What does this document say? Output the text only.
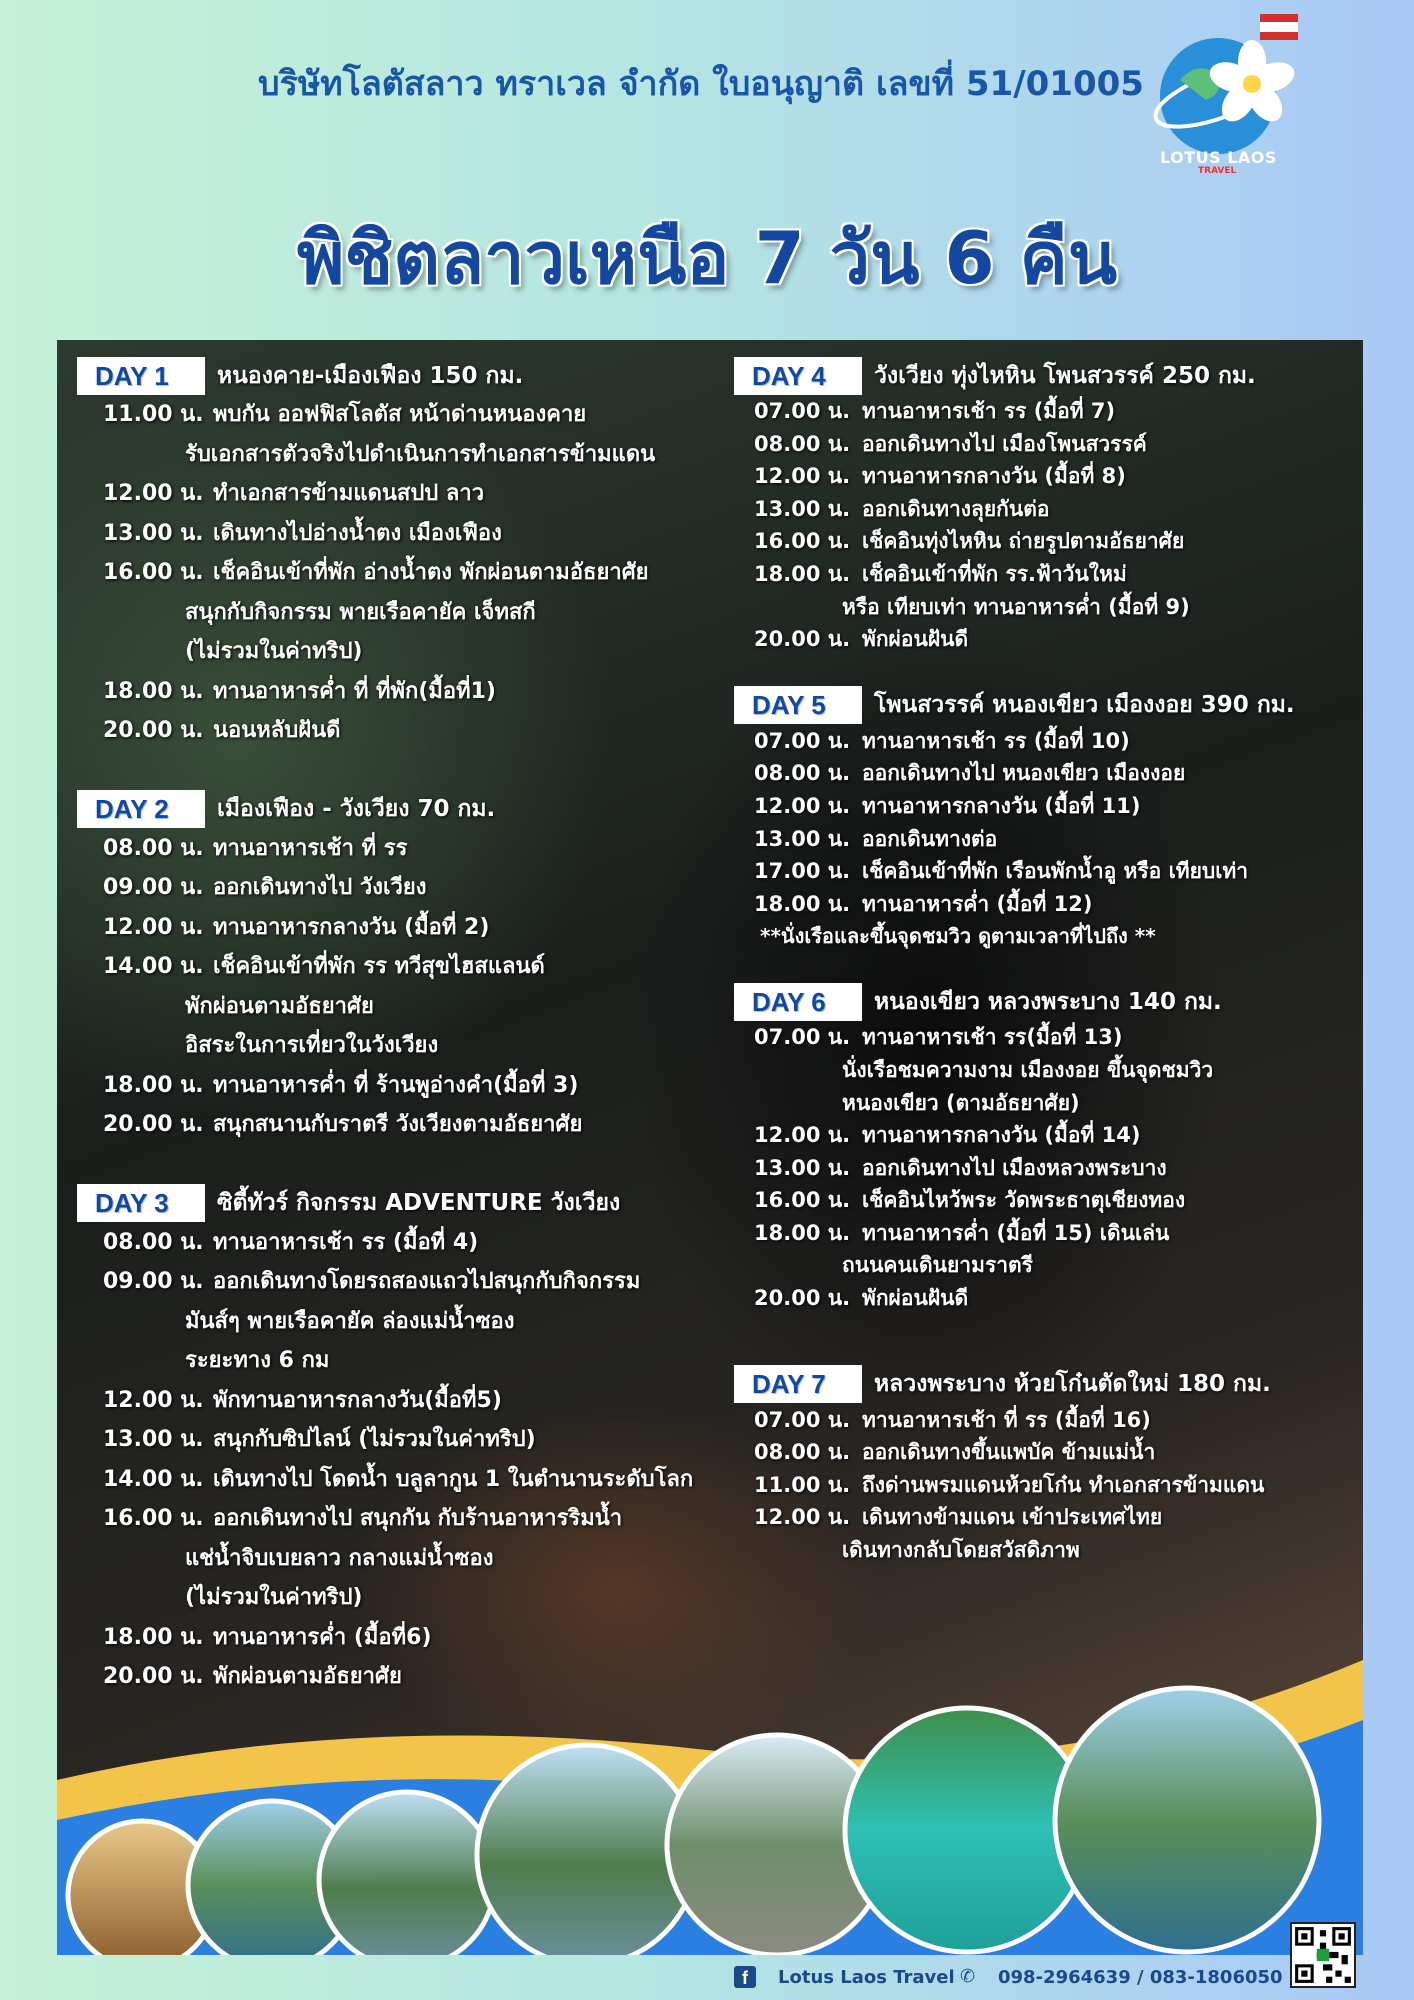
บริษัทโลตัสลาว ทราเวล จำกัด ใบอนุญาติ เลขที่ 51/01005
LOTUS LAOS
TRAVEL
พิชิตลาวเหนือ 7 วัน 6 คืน
DAY 1	หนองคาย-เมืองเฟือง 150 กม.
11.00 น. พบกัน ออฟฟิสโลตัส หน้าด่านหนองคาย
รับเอกสารตัวจริงไปดำเนินการทำเอกสารข้ามแดน
12.00 น. ทำเอกสารข้ามแดนสปป ลาว
13.00 น. เดินทางไปอ่างน้ำตง เมืองเฟือง
16.00 น. เช็คอินเข้าที่พัก อ่างน้ำตง พักผ่อนตามอัธยาศัย
สนุกกับกิจกรรม พายเรือคายัค เจ็ทสกี
(ไม่รวมในค่าทริป)
18.00 น. ทานอาหารค่ำ ที่ ที่พัก(มื้อที่1)
20.00 น. นอนหลับฝันดี
DAY 2	เมืองเฟือง - วังเวียง 70 กม.
08.00 น. ทานอาหารเช้า ที่ รร
09.00 น. ออกเดินทางไป วังเวียง
12.00 น. ทานอาหารกลางวัน (มื้อที่ 2)
14.00 น. เช็คอินเข้าที่พัก รร ทวีสุขไฮสแลนด์
พักผ่อนตามอัธยาศัย
อิสระในการเที่ยวในวังเวียง
18.00 น. ทานอาหารค่ำ ที่ ร้านพูอ่างคำ(มื้อที่ 3)
20.00 น. สนุกสนานกับราตรี วังเวียงตามอัธยาศัย
DAY 3	ซิตี้ทัวร์ กิจกรรม ADVENTURE วังเวียง
08.00 น. ทานอาหารเช้า รร (มื้อที่ 4)
09.00 น. ออกเดินทางโดยรถสองแถวไปสนุกกับกิจกรรม
มันส์ๆ พายเรือคายัค ล่องแม่น้ำซอง
ระยะทาง 6 กม
12.00 น. พักทานอาหารกลางวัน(มื้อที่5)
13.00 น. สนุกกับซิปไลน์ (ไม่รวมในค่าทริป)
14.00 น. เดินทางไป โดดน้ำ บลูลากูน 1 ในตำนานระดับโลก
16.00 น. ออกเดินทางไป สนุกกัน กับร้านอาหารริมน้ำ
แช่น้ำจิบเบยลาว กลางแม่น้ำซอง
(ไม่รวมในค่าทริป)
18.00 น. ทานอาหารค่ำ (มื้อที่6)
20.00 น. พักผ่อนตามอัธยาศัย
DAY 4	วังเวียง ทุ่งไหหิน โพนสวรรค์ 250 กม.
07.00 น. ทานอาหารเช้า รร (มื้อที่ 7)
08.00 น. ออกเดินทางไป เมืองโพนสวรรค์
12.00 น. ทานอาหารกลางวัน (มื้อที่ 8)
13.00 น. ออกเดินทางลุยกันต่อ
16.00 น. เช็คอินทุ่งไหหิน ถ่ายรูปตามอัธยาศัย
18.00 น. เช็คอินเข้าที่พัก รร.ฟ้าวันใหม่
หรือ เทียบเท่า ทานอาหารค่ำ (มื้อที่ 9)
20.00 น. พักผ่อนฝันดี
DAY 5	โพนสวรรค์ หนองเขียว เมืองงอย 390 กม.
07.00 น. ทานอาหารเช้า รร (มื้อที่ 10)
08.00 น. ออกเดินทางไป หนองเขียว เมืองงอย
12.00 น. ทานอาหารกลางวัน (มื้อที่ 11)
13.00 น. ออกเดินทางต่อ
17.00 น. เช็คอินเข้าที่พัก เรือนพักน้ำอู หรือ เทียบเท่า
18.00 น. ทานอาหารค่ำ (มื้อที่ 12)
**นั่งเรือและขึ้นจุดชมวิว ดูตามเวลาที่ไปถึง **
DAY 6	หนองเขียว หลวงพระบาง 140 กม.
07.00 น. ทานอาหารเช้า รร(มื้อที่ 13)
นั่งเรือชมความงาม เมืองงอย ขึ้นจุดชมวิว
หนองเขียว (ตามอัธยาศัย)
12.00 น. ทานอาหารกลางวัน (มื้อที่ 14)
13.00 น. ออกเดินทางไป เมืองหลวงพระบาง
16.00 น. เช็คอินไหว้พระ วัดพระธาตุเชียงทอง
18.00 น. ทานอาหารค่ำ (มื้อที่ 15) เดินเล่น
ถนนคนเดินยามราตรี
20.00 น. พักผ่อนฝันดี
DAY 7	หลวงพระบาง ห้วยโก๋นตัดใหม่ 180 กม.
07.00 น. ทานอาหารเช้า ที่ รร (มื้อที่ 16)
08.00 น. ออกเดินทางขึ้นแพบัค ข้ามแม่น้ำ
11.00 น. ถึงด่านพรมแดนห้วยโก๋น ทำเอกสารข้ามแดน
12.00 น. เดินทางข้ามแดน เข้าประเทศไทย
เดินทางกลับโดยสวัสดิภาพ
f	Lotus Laos Travel ✆ 098-2964639 / 083-1806050
